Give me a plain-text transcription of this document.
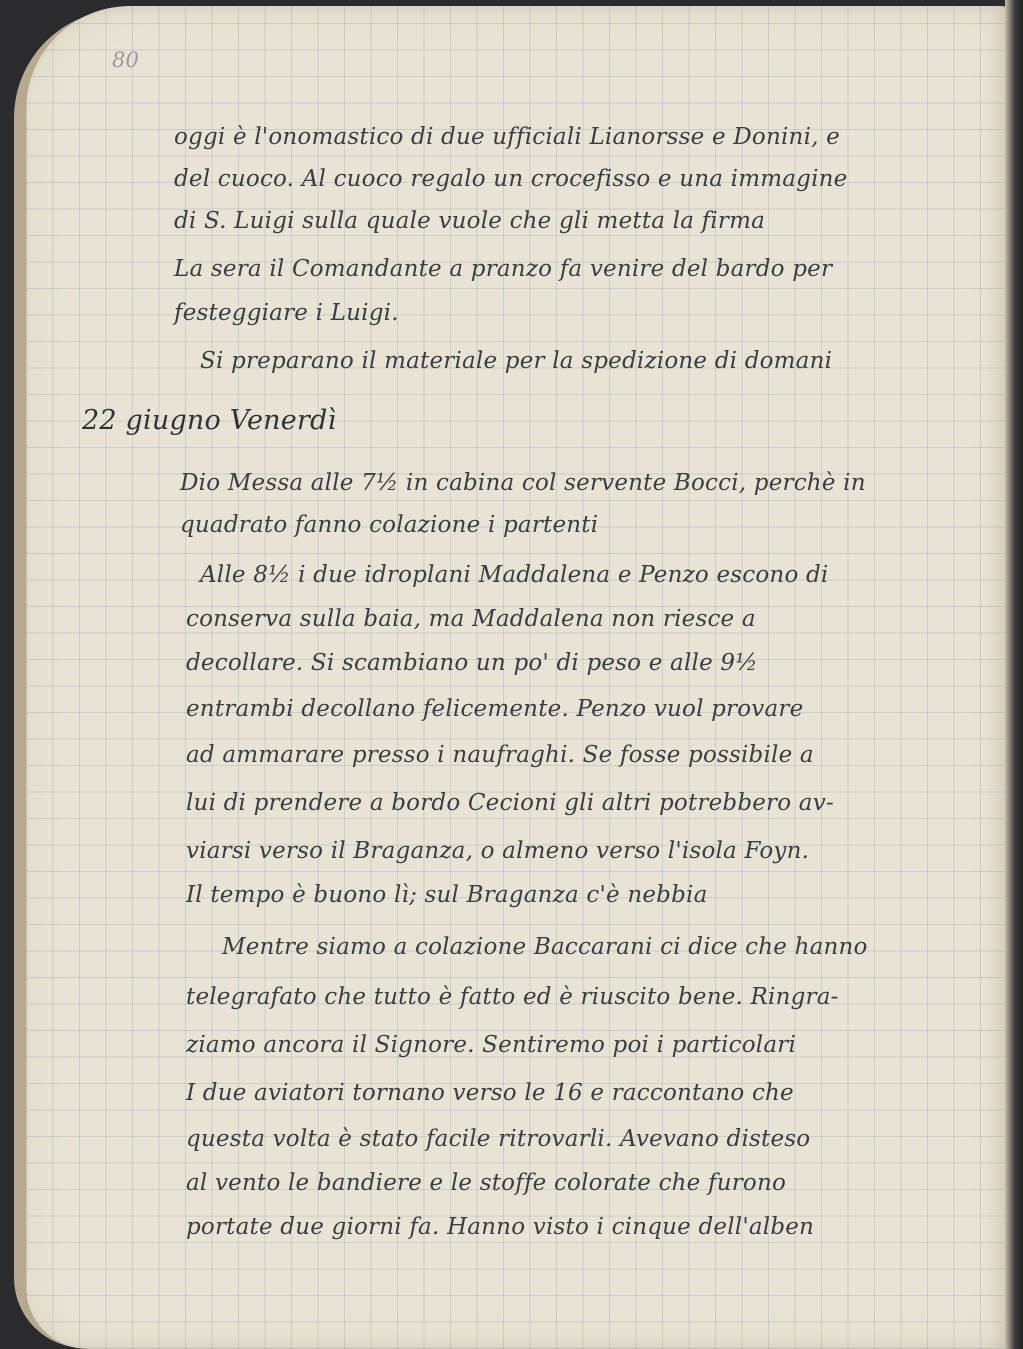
80
oggi è l'onomastico di due ufficiali Lianorsse e Donini, e
del cuoco. Al cuoco regalo un crocefisso e una immagine
di S. Luigi sulla quale vuole che gli metta la firma
La sera il Comandante a pranzo fa venire del bardo per
festeggiare i Luigi.
Si preparano il materiale per la spedizione di domani
22 giugno Venerdì
Dio Messa alle 7½ in cabina col servente Bocci, perchè in
quadrato fanno colazione i partenti
Alle 8½ i due idroplani Maddalena e Penzo escono di
conserva sulla baia, ma Maddalena non riesce a
decollare. Si scambiano un po' di peso e alle 9½
entrambi decollano felicemente. Penzo vuol provare
ad ammarare presso i naufraghi. Se fosse possibile a
lui di prendere a bordo Cecioni gli altri potrebbero av-
viarsi verso il Braganza, o almeno verso l'isola Foyn.
Il tempo è buono lì; sul Braganza c'è nebbia
Mentre siamo a colazione Baccarani ci dice che hanno
telegrafato che tutto è fatto ed è riuscito bene. Ringra-
ziamo ancora il Signore. Sentiremo poi i particolari
I due aviatori tornano verso le 16 e raccontano che
questa volta è stato facile ritrovarli. Avevano disteso
al vento le bandiere e le stoffe colorate che furono
portate due giorni fa. Hanno visto i cinque dell'alben
